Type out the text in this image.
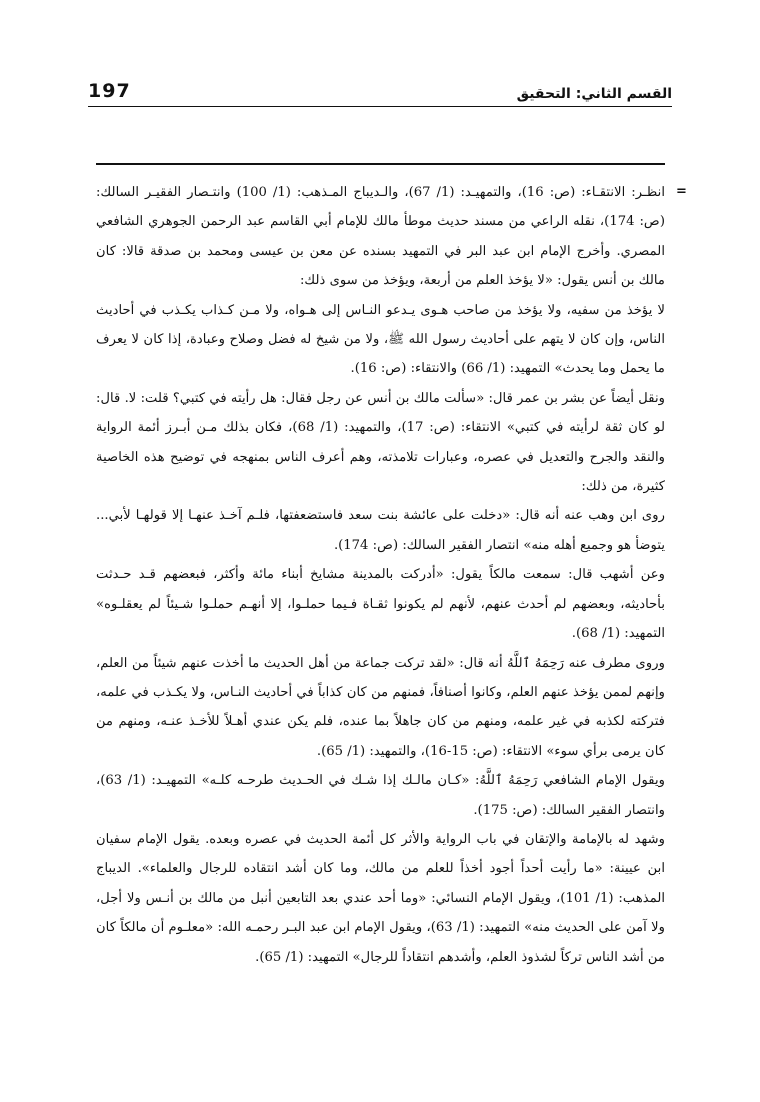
197	القسم الثاني: التحقيق
=

انظـر: الانتقـاء: (ص: 16)، والتمهيـد: (1/ 67)، والـديباج المـذهب: (1/ 100) وانتـصار الفقيـر السالك: (ص: 174)، نقله الراعي من مسند حديث موطأ مالك للإمام أبي القاسم عبد الرحمن الجوهري الشافعي المصري. وأخرج الإمام ابن عبد البر في التمهيد بسنده عن معن بن عيسى ومحمد بن صدقة قالا: كان مالك بن أنس يقول: «لا يؤخذ العلم من أربعة، ويؤخذ من سوى ذلك:

لا يؤخذ من سفيه، ولا يؤخذ من صاحب هـوى يـدعو النـاس إلى هـواه، ولا مـن كـذاب يكـذب في أحاديث الناس، وإن كان لا يتهم على أحاديث رسول الله ﷺ، ولا من شيخ له فضل وصلاح وعبادة، إذا كان لا يعرف ما يحمل وما يحدث» التمهيد: (1/ 66) والانتقاء: (ص: 16).

ونقل أيضاً عن بشر بن عمر قال: «سألت مالك بن أنس عن رجل فقال: هل رأيته في كتبي؟ قلت: لا. قال: لو كان ثقة لرأيته في كتبي» الانتقاء: (ص: 17)، والتمهيد: (1/ 68)، فكان بذلك مـن أبـرز أئمة الرواية والنقد والجرح والتعديل في عصره، وعبارات تلامذته، وهم أعرف الناس بمنهجه في توضيح هذه الخاصية كثيرة، من ذلك:

روى ابن وهب عنه أنه قال: «دخلت على عائشة بنت سعد فاستضعفتها، فلـم آخـذ عنهـا إلا قولهـا لأبي... يتوضأ هو وجميع أهله منه» انتصار الفقير السالك: (ص: 174).

وعن أشهب قال: سمعت مالكاً يقول: «أدركت بالمدينة مشايخ أبناء مائة وأكثر، فبعضهم قـد حـدثت بأحاديثه، وبعضهم لم أحدث عنهم، لأنهم لم يكونوا ثقـاة فـيما حملـوا، إلا أنهـم حملـوا شـيئاً لم يعقلـوه» التمهيد: (1/ 68).

وروى مطرف عنه رَحِمَهُ ٱللَّهُ أنه قال: «لقد تركت جماعة من أهل الحديث ما أخذت عنهم شيئاً من العلم، وإنهم لممن يؤخذ عنهم العلم، وكانوا أصنافاً، فمنهم من كان كذاباً في أحاديث النـاس، ولا يكـذب في علمه، فتركته لكذبه في غير علمه، ومنهم من كان جاهلاً بما عنده، فلم يكن عندي أهـلاً للأخـذ عنـه، ومنهم من كان يرمى برأي سوء» الانتقاء: (ص: 15-16)، والتمهيد: (1/ 65).

ويقول الإمام الشافعي رَحِمَهُ ٱللَّهُ: «كـان مالـك إذا شـك في الحـديث طرحـه كلـه» التمهيـد: (1/ 63)، وانتصار الفقير السالك: (ص: 175).

وشهد له بالإمامة والإتقان في باب الرواية والأثر كل أئمة الحديث في عصره وبعده. يقول الإمام سفيان ابن عيينة: «ما رأيت أحداً أجود أخذاً للعلم من مالك، وما كان أشد انتقاده للرجال والعلماء». الديباج المذهب: (1/ 101)، ويقول الإمام النسائي: «وما أحد عندي بعد التابعين أنبل من مالك بن أنـس ولا أجل، ولا آمن على الحديث منه» التمهيد: (1/ 63)، ويقول الإمام ابن عبد البـر رحمـه الله: «معلـوم أن مالكاً كان من أشد الناس تركاً لشذوذ العلم، وأشدهم انتقاداً للرجال» التمهيد: (1/ 65).
